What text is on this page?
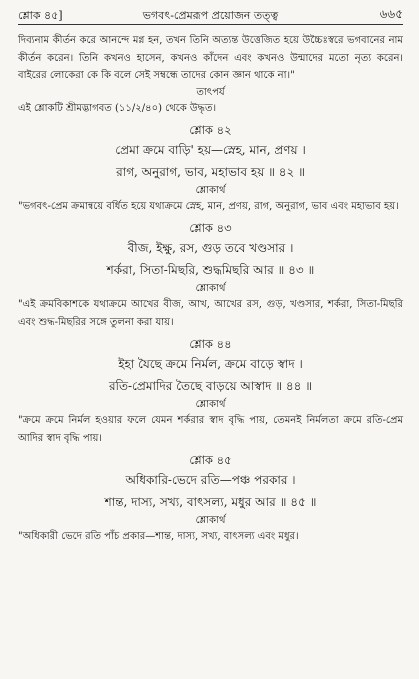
শ্লোক ৪৫]	ভগবৎ-প্রেমরূপ প্রয়োজন তত্ত্ব	৬৬৫

দিব্যনাম কীর্তন করে আনন্দে মগ্ন হন, তখন তিনি অত্যন্ত উত্তেজিত হয়ে উচ্চৈঃস্বরে ভগবানের নাম কীর্তন করেন। তিনি কখনও হাসেন, কখনও কাঁদেন এবং কখনও উন্মাদের মতো নৃত্য করেন। বাইরের লোকেরা কে কি বলে সেই সম্বন্ধে তাদের কোন জ্ঞান থাকে না।"

তাৎপর্য

এই শ্লোকটি শ্রীমদ্ভাগবত (১১/২/৪০) থেকে উদ্ধৃত।

শ্লোক ৪২

প্রেমা ক্রমে বাড়ি' হয়—স্নেহ, মান, প্রণয় ।

রাগ, অনুরাগ, ভাব, মহাভাব হয় ॥ ৪২ ॥

শ্লোকার্থ

"ভগবৎ-প্রেম ক্রমান্বয়ে বর্ধিত হয়ে যথাক্রমে স্নেহ, মান, প্রণয়, রাগ, অনুরাগ, ভাব এবং মহাভাব হয়।

শ্লোক ৪৩

বীজ, ইক্ষু, রস, গুড় তবে খণ্ডসার ।

শর্করা, সিতা-মিছরি, শুদ্ধমিছরি আর ॥ ৪৩ ॥

শ্লোকার্থ

"এই ক্রমবিকাশকে যথাক্রমে আখের বীজ, আখ, আখের রস, গুড়, খণ্ডসার, শর্করা, সিতা-মিছরি এবং শুদ্ধ-মিছরির সঙ্গে তুলনা করা যায়।

শ্লোক ৪৪

ইহা যৈছে ক্রমে নির্মল, ক্রমে বাড়ে স্বাদ ।

রতি-প্রেমাদির তৈছে বাড়য়ে আস্বাদ ॥ ৪৪ ॥

শ্লোকার্থ

"ক্রমে ক্রমে নির্মল হওয়ার ফলে যেমন শর্করার স্বাদ বৃদ্ধি পায়, তেমনই নির্মলতা ক্রমে রতি-প্রেম আদির স্বাদ বৃদ্ধি পায়।

শ্লোক ৪৫

অধিকারি-ভেদে রতি—পঞ্চ পরকার ।

শান্ত, দাস্য, সখ্য, বাৎসল্য, মধুর আর ॥ ৪৫ ॥

শ্লোকার্থ

"অধিকারী ভেদে রতি পাঁচ প্রকার—শান্ত, দাস্য, সখ্য, বাৎসল্য এবং মধুর।
